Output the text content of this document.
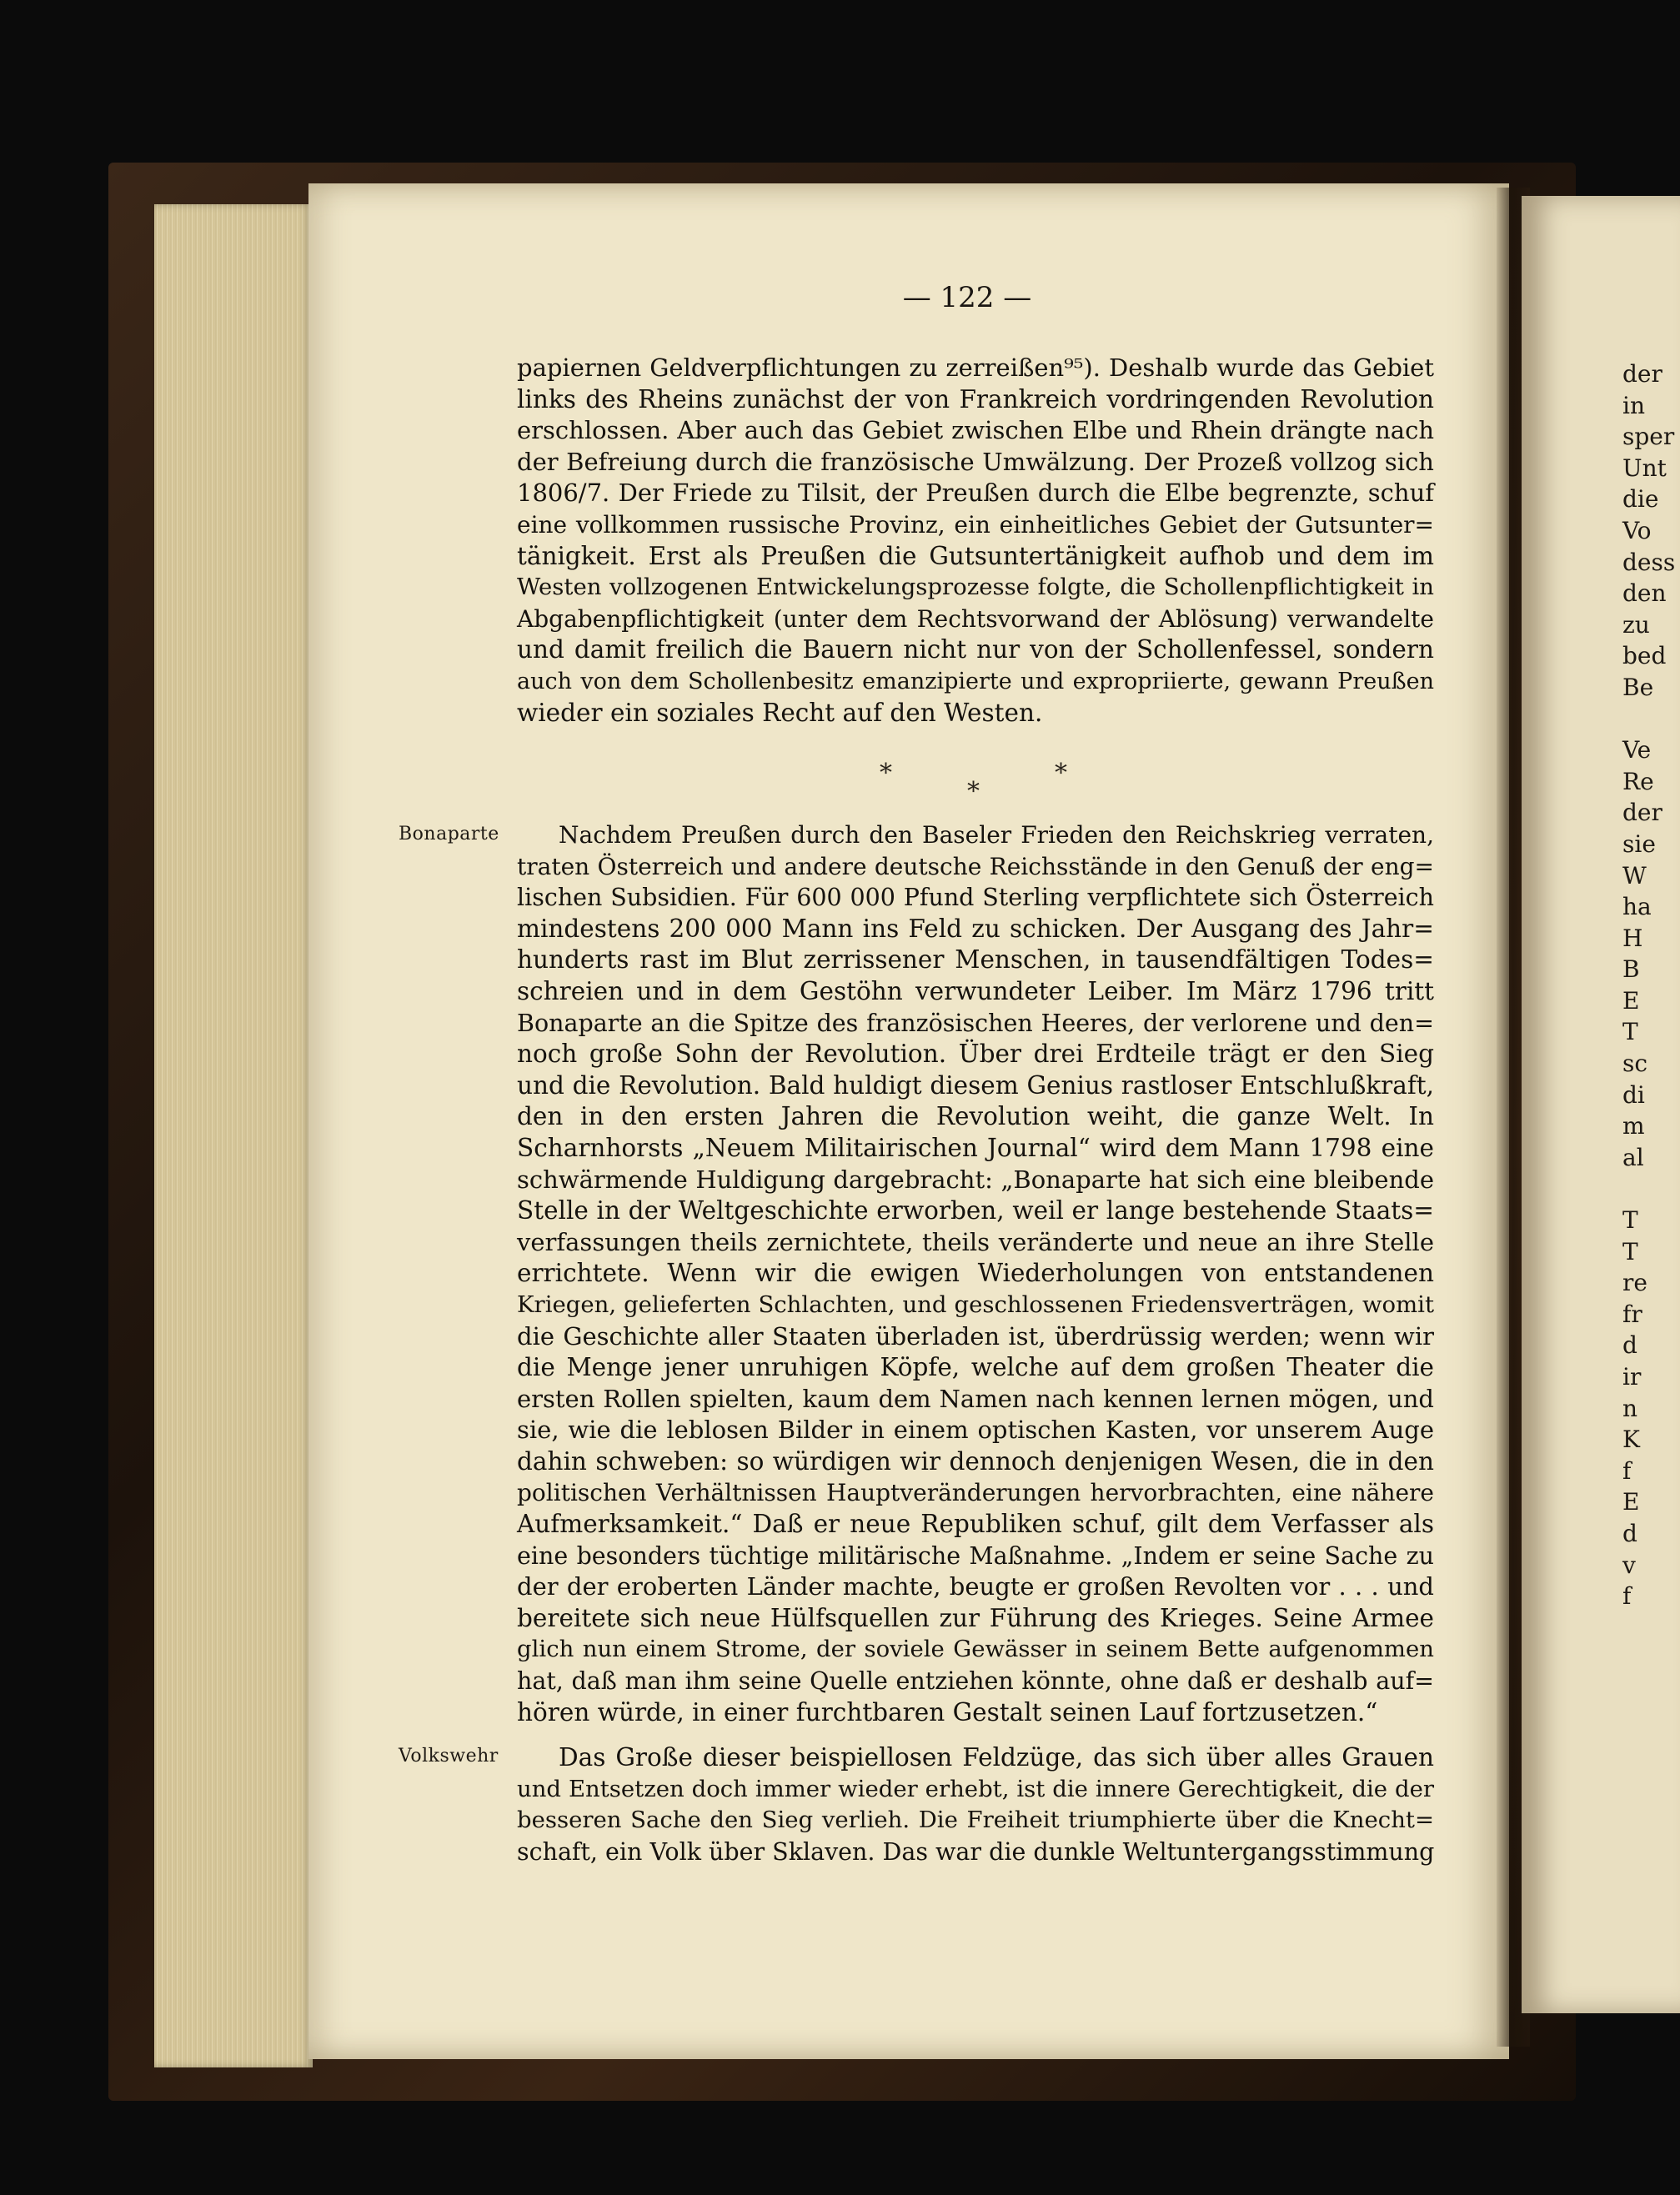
— 122 —
papiernen Geldverpflichtungen zu zerreißen⁹⁵). Deshalb wurde das Gebiet
links des Rheins zunächst der von Frankreich vordringenden Revolution
erschlossen. Aber auch das Gebiet zwischen Elbe und Rhein drängte nach
der Befreiung durch die französische Umwälzung. Der Prozeß vollzog sich
1806/7. Der Friede zu Tilsit, der Preußen durch die Elbe begrenzte, schuf
eine vollkommen russische Provinz, ein einheitliches Gebiet der Gutsunter=
tänigkeit. Erst als Preußen die Gutsuntertänigkeit aufhob und dem im
Westen vollzogenen Entwickelungsprozesse folgte, die Schollenpflichtigkeit in
Abgabenpflichtigkeit (unter dem Rechtsvorwand der Ablösung) verwandelte
und damit freilich die Bauern nicht nur von der Schollenfessel, sondern
auch von dem Schollenbesitz emanzipierte und expropriierte, gewann Preußen
wieder ein soziales Recht auf den Westen.
*
*
*
Bonaparte	Nachdem Preußen durch den Baseler Frieden den Reichskrieg verraten,
traten Österreich und andere deutsche Reichsstände in den Genuß der eng=
lischen Subsidien. Für 600 000 Pfund Sterling verpflichtete sich Österreich
mindestens 200 000 Mann ins Feld zu schicken. Der Ausgang des Jahr=
hunderts rast im Blut zerrissener Menschen, in tausendfältigen Todes=
schreien und in dem Gestöhn verwundeter Leiber. Im März 1796 tritt
Bonaparte an die Spitze des französischen Heeres, der verlorene und den=
noch große Sohn der Revolution. Über drei Erdteile trägt er den Sieg
und die Revolution. Bald huldigt diesem Genius rastloser Entschlußkraft,
den in den ersten Jahren die Revolution weiht, die ganze Welt. In
Scharnhorsts „Neuem Militairischen Journal“ wird dem Mann 1798 eine
schwärmende Huldigung dargebracht: „Bonaparte hat sich eine bleibende
Stelle in der Weltgeschichte erworben, weil er lange bestehende Staats=
verfassungen theils zernichtete, theils veränderte und neue an ihre Stelle
errichtete. Wenn wir die ewigen Wiederholungen von entstandenen
Kriegen, gelieferten Schlachten, und geschlossenen Friedensverträgen, womit
die Geschichte aller Staaten überladen ist, überdrüssig werden; wenn wir
die Menge jener unruhigen Köpfe, welche auf dem großen Theater die
ersten Rollen spielten, kaum dem Namen nach kennen lernen mögen, und
sie, wie die leblosen Bilder in einem optischen Kasten, vor unserem Auge
dahin schweben: so würdigen wir dennoch denjenigen Wesen, die in den
politischen Verhältnissen Hauptveränderungen hervorbrachten, eine nähere
Aufmerksamkeit.“ Daß er neue Republiken schuf, gilt dem Verfasser als
eine besonders tüchtige militärische Maßnahme. „Indem er seine Sache zu
der der eroberten Länder machte, beugte er großen Revolten vor . . . und
bereitete sich neue Hülfsquellen zur Führung des Krieges. Seine Armee
glich nun einem Strome, der soviele Gewässer in seinem Bette aufgenommen
hat, daß man ihm seine Quelle entziehen könnte, ohne daß er deshalb auf=
hören würde, in einer furchtbaren Gestalt seinen Lauf fortzusetzen.“
Volkswehr	Das Große dieser beispiellosen Feldzüge, das sich über alles Grauen
und Entsetzen doch immer wieder erhebt, ist die innere Gerechtigkeit, die der
besseren Sache den Sieg verlieh. Die Freiheit triumphierte über die Knecht=
schaft, ein Volk über Sklaven. Das war die dunkle Weltuntergangsstimmung
der
in
sper
Unt
die
Vo
dess
den
zu
bed
Be
Ve
Re
der
sie
W
ha
H
B
E
T
sc
di
m
al
T
T
re
fr
d
ir
n
K
f
E
d
v
f
